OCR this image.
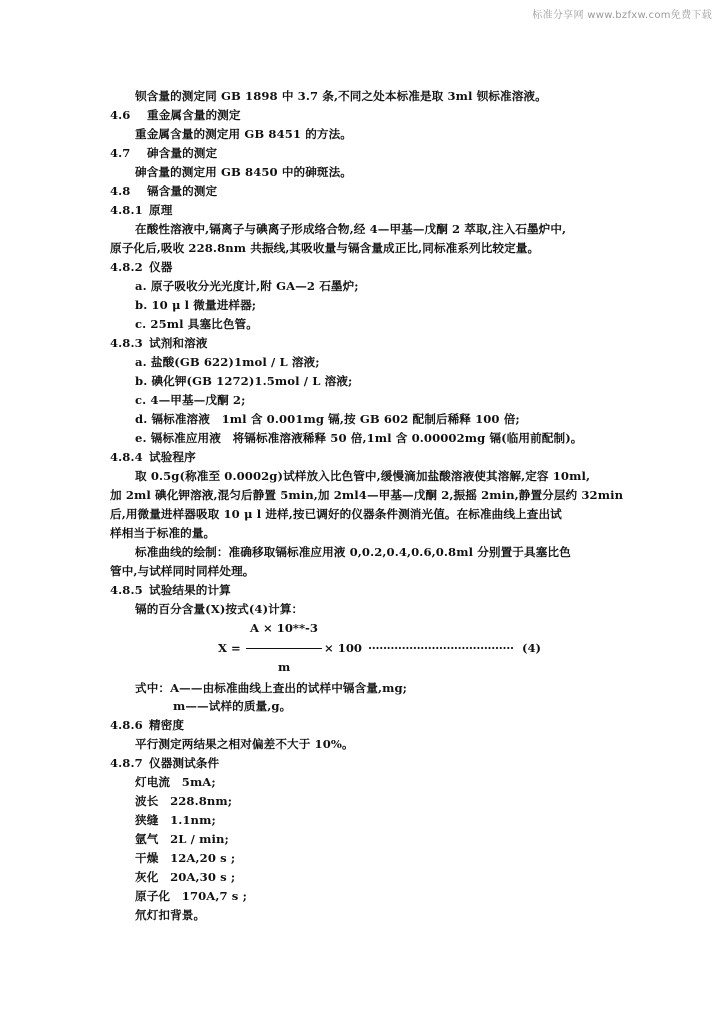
标准分享网 www.bzfxw.com免费下载
钡含量的测定同 GB 1898 中 3.7 条,不同之处本标准是取 3ml 钡标准溶液。
4.6 重金属含量的测定
重金属含量的测定用 GB 8451 的方法。
4.7 砷含量的测定
砷含量的测定用 GB 8450 中的砷斑法。
4.8 镉含量的测定
4.8.1 原理
在酸性溶液中,镉离子与碘离子形成络合物,经 4—甲基—戊酮 2 萃取,注入石墨炉中,
原子化后,吸收 228.8nm 共振线,其吸收量与镉含量成正比,同标准系列比较定量。
4.8.2 仪器
a. 原子吸收分光光度计,附 GA—2 石墨炉;
b. 10 μ l 微量进样器;
c. 25ml 具塞比色管。
4.8.3 试剂和溶液
a. 盐酸(GB 622)1mol / L 溶液;
b. 碘化钾(GB 1272)1.5mol / L 溶液;
c. 4—甲基—戊酮 2;
d. 镉标准溶液　1ml 含 0.001mg 镉,按 GB 602 配制后稀释 100 倍;
e. 镉标准应用液　将镉标准溶液稀释 50 倍,1ml 含 0.00002mg 镉(临用前配制)。
4.8.4 试验程序
取 0.5g(称准至 0.0002g)试样放入比色管中,缓慢滴加盐酸溶液使其溶解,定容 10ml,
加 2ml 碘化钾溶液,混匀后静置 5min,加 2ml4—甲基—戊酮 2,振摇 2min,静置分层约 32min
后,用微量进样器吸取 10 μ l 进样,按已调好的仪器条件测消光值。在标准曲线上查出试
样相当于标准的量。
标准曲线的绘制：准确移取镉标准应用液 0,0.2,0.4,0.6,0.8ml 分别置于具塞比色
管中,与试样同时同样处理。
4.8.5 试验结果的计算
镉的百分含量(X)按式(4)计算：
A × 10**-3
X =	× 100 ······································· (4)
m
式中：A——由标准曲线上查出的试样中镉含量,mg;
m——试样的质量,g。
4.8.6 精密度
平行测定两结果之相对偏差不大于 10%。
4.8.7 仪器测试条件
灯电流　5mA;
波长　228.8nm;
狭缝　1.1nm;
氩气　2L / min;
干燥　12A,20 s ;
灰化　20A,30 s ;
原子化　170A,7 s ;
氘灯扣背景。
